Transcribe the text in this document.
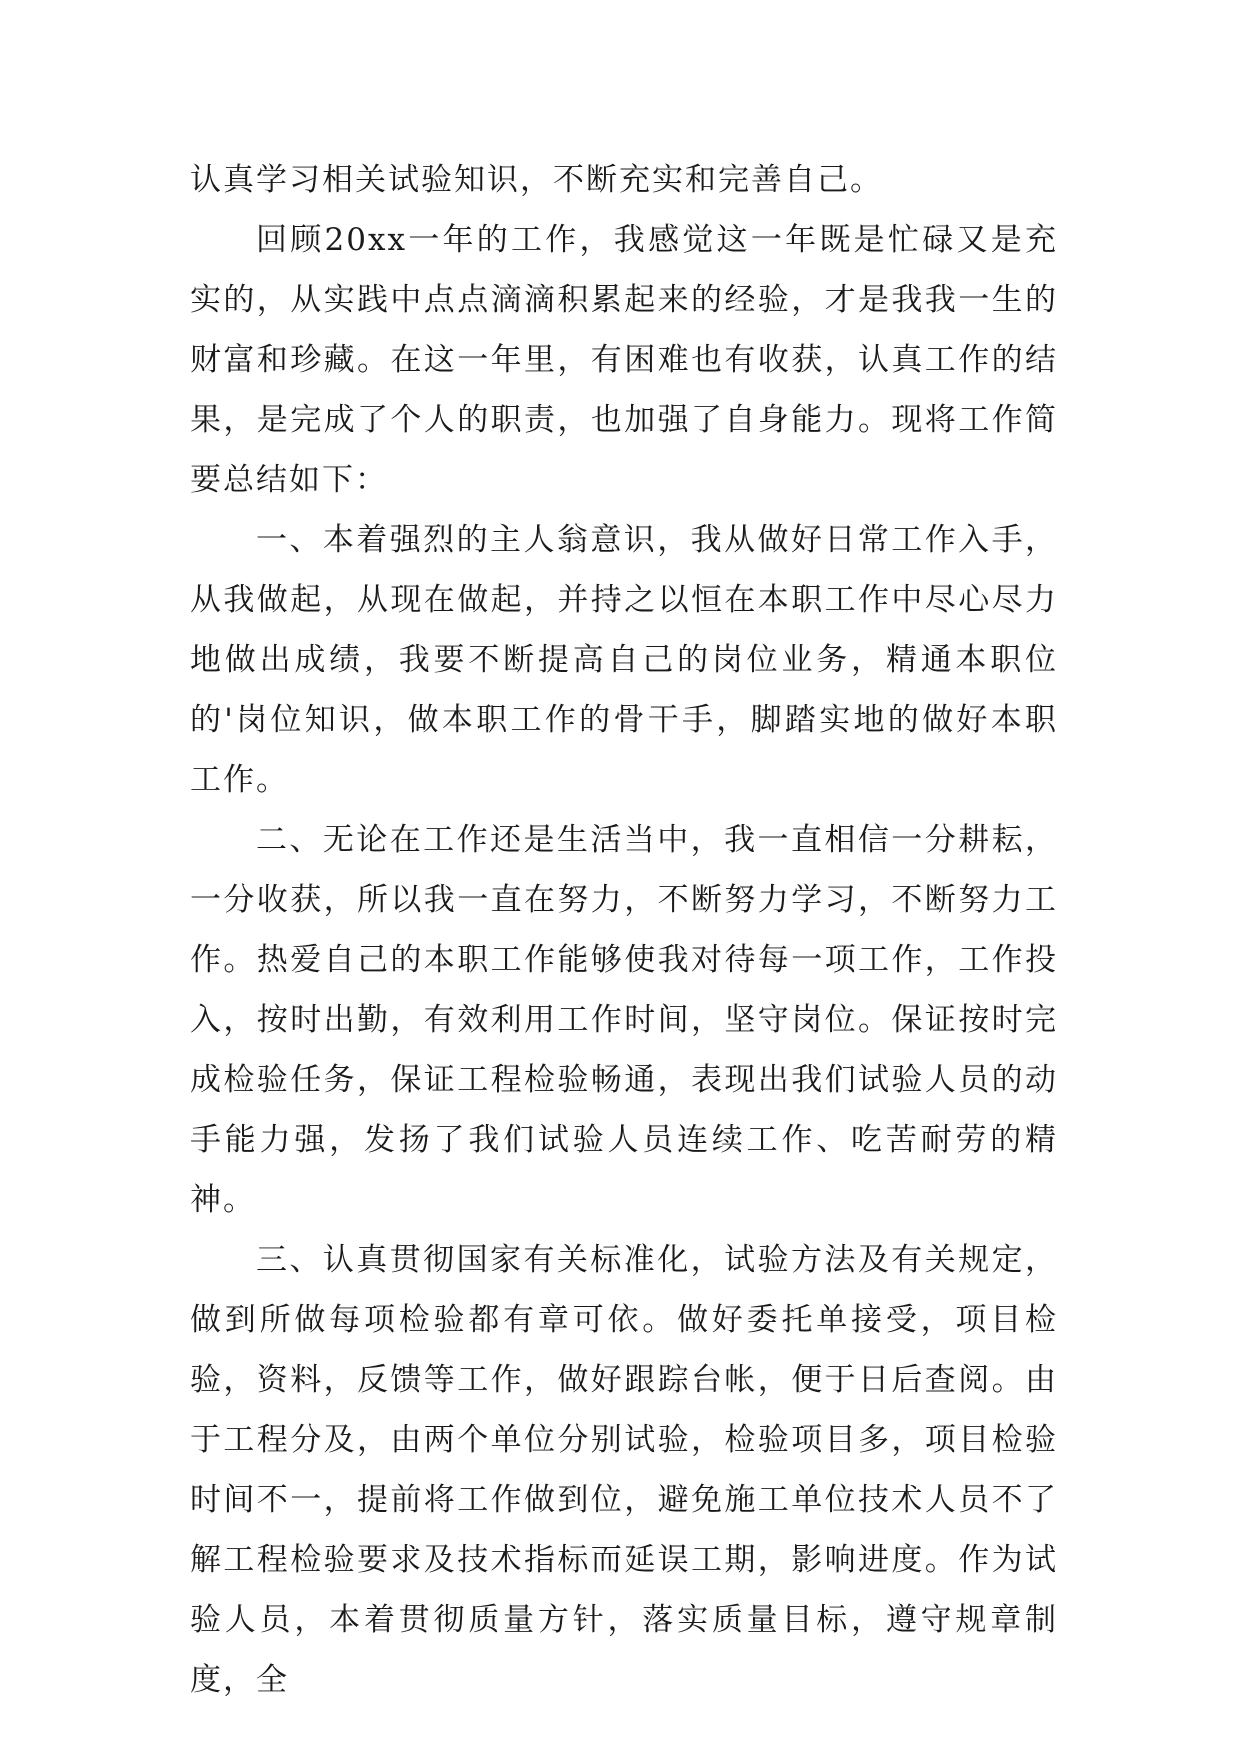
认真学习相关试验知识，不断充实和完善自己。

回顾20xx一年的工作，我感觉这一年既是忙碌又是充实的，从实践中点点滴滴积累起来的经验，才是我我一生的财富和珍藏。在这一年里，有困难也有收获，认真工作的结果，是完成了个人的职责，也加强了自身能力。现将工作简要总结如下：

一、本着强烈的主人翁意识，我从做好日常工作入手，从我做起，从现在做起，并持之以恒在本职工作中尽心尽力地做出成绩，我要不断提高自己的岗位业务，精通本职位的'岗位知识，做本职工作的骨干手，脚踏实地的做好本职工作。

二、无论在工作还是生活当中，我一直相信一分耕耘，一分收获，所以我一直在努力，不断努力学习，不断努力工作。热爱自己的本职工作能够使我对待每一项工作，工作投入，按时出勤，有效利用工作时间，坚守岗位。保证按时完成检验任务，保证工程检验畅通，表现出我们试验人员的动手能力强，发扬了我们试验人员连续工作、吃苦耐劳的精神。

三、认真贯彻国家有关标准化，试验方法及有关规定，做到所做每项检验都有章可依。做好委托单接受，项目检验，资料，反馈等工作，做好跟踪台帐，便于日后查阅。由于工程分及，由两个单位分别试验，检验项目多，项目检验时间不一，提前将工作做到位，避免施工单位技术人员不了解工程检验要求及技术指标而延误工期，影响进度。作为试验人员，本着贯彻质量方针，落实质量目标，遵守规章制度，全
